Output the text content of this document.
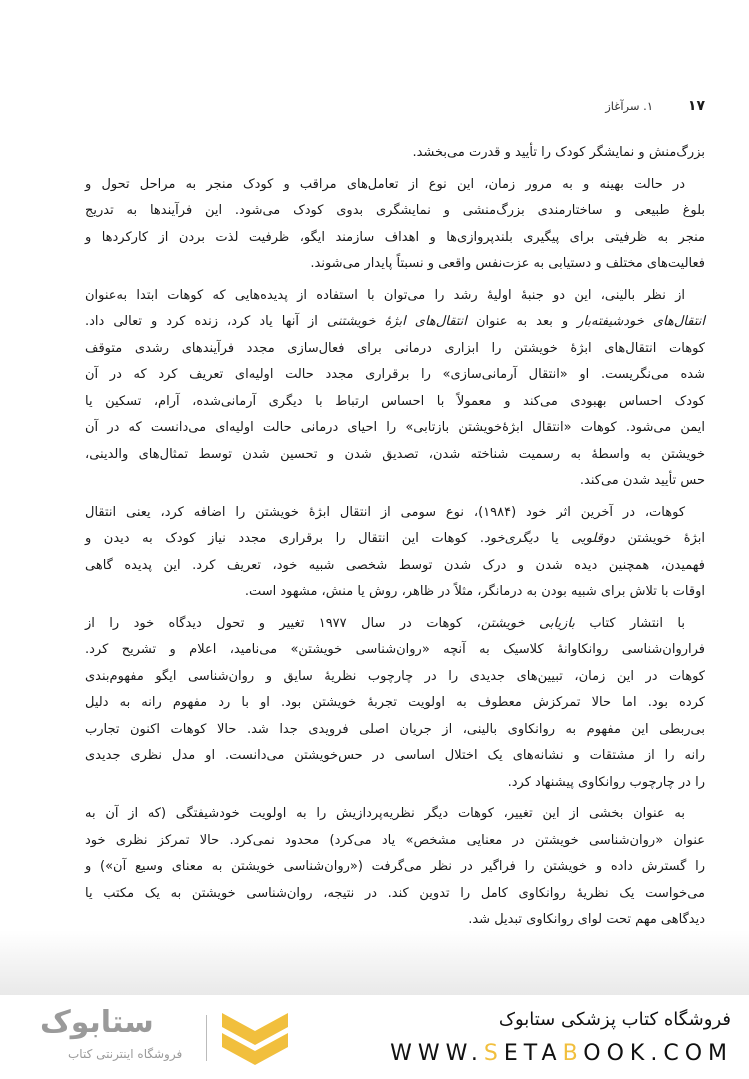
۱۷
۱. سرآغاز
بزرگ‌منش و نمایشگر کودک را تأیید و قدرت می‌بخشد.
در حالت بهینه و به مرور زمان، این نوع از تعامل‌های مراقب و کودک منجر به مراحل تحول و
بلوغ طبیعی و ساختارمندی بزرگ‌منشی و نمایشگری بدوی کودک می‌شود. این فرآیندها به تدریج
منجر به ظرفیتی برای پیگیری بلندپروازی‌ها و اهداف سازمند ایگو، ظرفیت لذت بردن از کارکردها و
فعالیت‌های مختلف و دستیابی به عزت‌نفس واقعی و نسبتاً پایدار می‌شوند.
از نظر بالینی، این دو جنبهٔ اولیهٔ رشد را می‌توان با استفاده از پدیده‌هایی که کوهات ابتدا به‌عنوان
انتقال‌های خودشیفته‌بار و بعد به عنوان انتقال‌های ابژهٔ خویشتنی از آنها یاد کرد، زنده کرد و تعالی داد.
کوهات انتقال‌های ابژهٔ خویشتن را ابزاری درمانی برای فعال‌سازی مجدد فرآیندهای رشدی متوقف
شده می‌نگریست. او «انتقال آرمانی‌سازی» را برقراری مجدد حالت اولیه‌ای تعریف کرد که در آن
کودک احساس بهبودی می‌کند و معمولاً با احساس ارتباط با دیگری آرمانی‌شده، آرام، تسکین یا
ایمن می‌شود. کوهات «انتقال ابژهٔ‌خویشتن بازتابی» را احیای درمانی حالت اولیه‌ای می‌دانست که در آن
خویشتن به واسطهٔ به رسمیت شناخته شدن، تصدیق شدن و تحسین شدن توسط تمثال‌های والدینی،
حس تأیید شدن می‌کند.
کوهات، در آخرین اثر خود (۱۹۸۴)، نوع سومی از انتقال ابژهٔ خویشتن را اضافه کرد، یعنی انتقال
ابژهٔ خویشتن دوقلویی یا دیگری‌خود. کوهات این انتقال را برقراری مجدد نیاز کودک به دیدن و
فهمیدن، همچنین دیده شدن و درک شدن توسط شخصی شبیه خود، تعریف کرد. این پدیده گاهی
اوقات با تلاش برای شبیه بودن به درمانگر، مثلاً در ظاهر، روش یا منش، مشهود است.
با انتشار کتاب بازیابی خویشتن، کوهات در سال ۱۹۷۷ تغییر و تحول دیدگاه خود را از
فراروان‌شناسی روانکاوانهٔ کلاسیک به آنچه «روان‌شناسی خویشتن» می‌نامید، اعلام و تشریح کرد.
کوهات در این زمان، تبیین‌های جدیدی را در چارچوب نظریهٔ سایق و روان‌شناسی ایگو مفهوم‌بندی
کرده بود. اما حالا تمرکزش معطوف به اولویت تجربهٔ خویشتن بود. او با رد مفهوم رانه به دلیل
بی‌ربطی این مفهوم به روانکاوی بالینی، از جریان اصلی فرویدی جدا شد. حالا کوهات اکنون تجارب
رانه را از مشتقات و نشانه‌های یک اختلال اساسی در حس‌خویشتن می‌دانست. او مدل نظری جدیدی
را در چارچوب روانکاوی پیشنهاد کرد.
به عنوان بخشی از این تغییر، کوهات دیگر نظریه‌پردازیش را به اولویت خودشیفتگی (که از آن به
عنوان «روان‌شناسی خویشتن در معنایی مشخص» یاد می‌کرد) محدود نمی‌کرد. حالا تمرکز نظری خود
را گسترش داده و خویشتن را فراگیر در نظر می‌گرفت («روان‌شناسی خویشتن به معنای وسیع آن») و
می‌خواست یک نظریهٔ روانکاوی کامل را تدوین کند. در نتیجه، روان‌شناسی خویشتن به یک مکتب یا
دیدگاهی مهم تحت لوای روانکاوی تبدیل شد.
ستابوک
فروشگاه اینترنتی کتاب
فروشگاه کتاب پزشکی ستابوک
WWW.SETABOOK.COM
